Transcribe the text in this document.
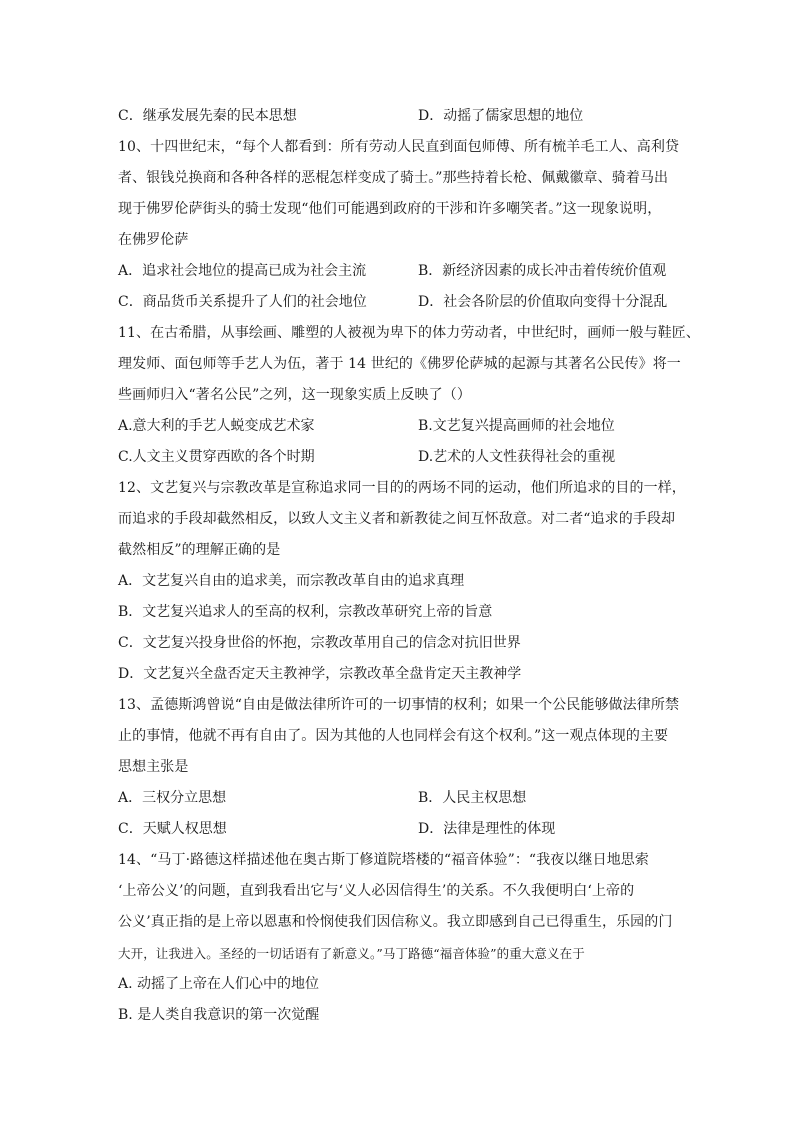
C．继承发展先秦的民本思想	D．动摇了儒家思想的地位
10、十四世纪末，“每个人都看到：所有劳动人民直到面包师傅、所有梳羊毛工人、高利贷
者、银钱兑换商和各种各样的恶棍怎样变成了骑士。”那些持着长枪、佩戴徽章、骑着马出
现于佛罗伦萨街头的骑士发现“他们可能遇到政府的干涉和许多嘲笑者。”这一现象说明，
在佛罗伦萨
A．追求社会地位的提高已成为社会主流	B．新经济因素的成长冲击着传统价值观
C．商品货币关系提升了人们的社会地位	D．社会各阶层的价值取向变得十分混乱
11、在古希腊，从事绘画、雕塑的人被视为卑下的体力劳动者，中世纪时，画师一般与鞋匠、
理发师、面包师等手艺人为伍，著于 14 世纪的《佛罗伦萨城的起源与其著名公民传》将一
些画师归入“著名公民”之列，这一现象实质上反映了（）
A.意大利的手艺人蜕变成艺术家	B.文艺复兴提高画师的社会地位
C.人文主义贯穿西欧的各个时期	D.艺术的人文性获得社会的重视
12、文艺复兴与宗教改革是宣称追求同一目的的两场不同的运动，他们所追求的目的一样，
而追求的手段却截然相反，以致人文主义者和新教徒之间互怀敌意。对二者“追求的手段却
截然相反”的理解正确的是
A．文艺复兴自由的追求美，而宗教改革自由的追求真理
B．文艺复兴追求人的至高的权利，宗教改革研究上帝的旨意
C．文艺复兴投身世俗的怀抱，宗教改革用自己的信念对抗旧世界
D．文艺复兴全盘否定天主教神学，宗教改革全盘肯定天主教神学
13、孟德斯鸿曾说“自由是做法律所许可的一切事情的权利；如果一个公民能够做法律所禁
止的事情，他就不再有自由了。因为其他的人也同样会有这个权利。”这一观点体现的主要
思想主张是
A．三权分立思想	B．人民主权思想
C．天赋人权思想	D．法律是理性的体现
14、“马丁·路德这样描述他在奥古斯丁修道院塔楼的“福音体验”：“我夜以继日地思索
‘上帝公义’的问题，直到我看出它与‘义人必因信得生’的关系。不久我便明白‘上帝的
公义’真正指的是上帝以恩惠和怜悯使我们因信称义。我立即感到自己已得重生，乐园的门
大开，让我进入。圣经的一切话语有了新意义。”马丁路德“福音体验”的重大意义在于
A. 动摇了上帝在人们心中的地位
B. 是人类自我意识的第一次觉醒
